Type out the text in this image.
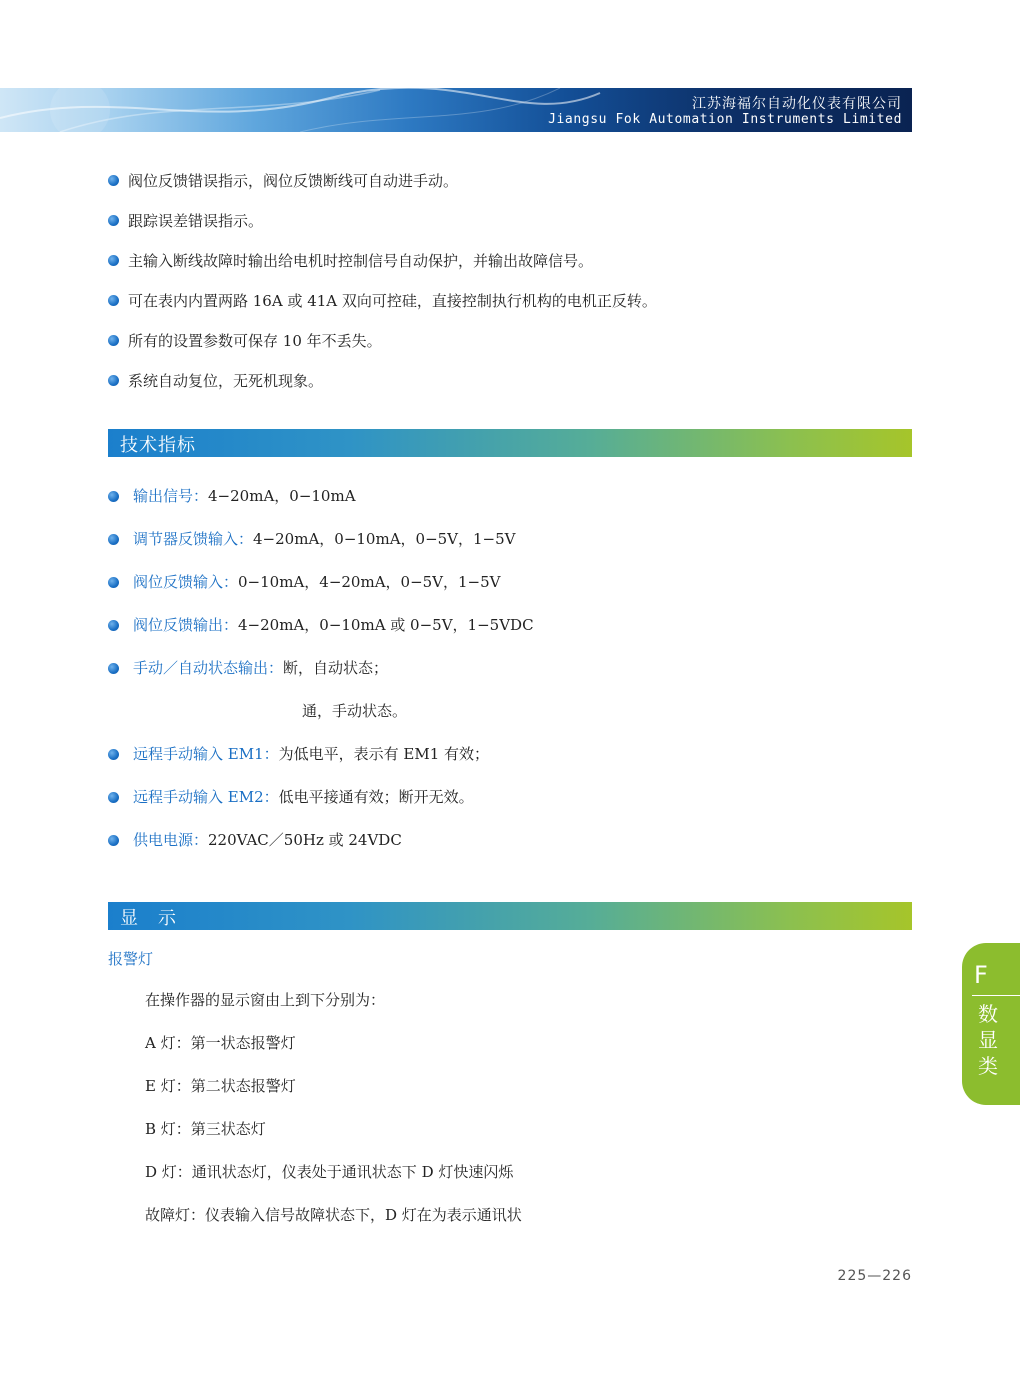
江苏海福尔自动化仪表有限公司
Jiangsu Fok Automation Instruments Limited
阀位反馈错误指示，阀位反馈断线可自动进手动。
跟踪误差错误指示。
主输入断线故障时输出给电机时控制信号自动保护，并输出故障信号。
可在表内内置两路 16A 或 41A 双向可控硅，直接控制执行机构的电机正反转。
所有的设置参数可保存 10 年不丢失。
系统自动复位，无死机现象。
技术指标
输出信号：4−20mA，0−10mA
调节器反馈输入：4−20mA，0−10mA，0−5V，1−5V
阀位反馈输入：0−10mA，4−20mA，0−5V，1−5V
阀位反馈输出：4−20mA，0−10mA 或 0−5V，1−5VDC
手动／自动状态输出：断，自动状态；
通，手动状态。
远程手动输入 EM1：为低电平，表示有 EM1 有效；
远程手动输入 EM2：低电平接通有效；断开无效。
供电电源：220VAC／50Hz 或 24VDC
显　示
报警灯
在操作器的显示窗由上到下分别为：
A 灯：第一状态报警灯
E 灯：第二状态报警灯
B 灯：第三状态灯
D 灯：通讯状态灯，仪表处于通讯状态下 D 灯快速闪烁
故障灯：仪表输入信号故障状态下，D 灯在为表示通讯状
F
数显类
225—226
